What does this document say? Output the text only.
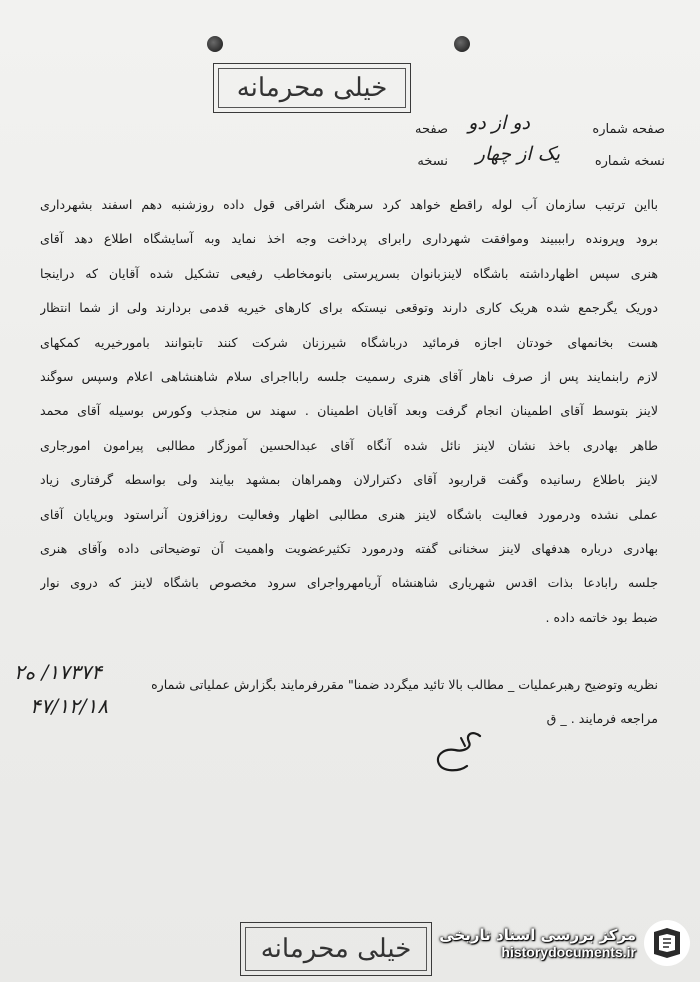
خیلی محرمانه
صفحه شماره
دو از دو
صفحه
نسخه شماره
یک از چهار
نسخه
بااین ترتیب سازمان آب لوله راقطع خواهد کرد سرهنگ اشراقی قول داده روزشنبه دهم اسفند بشهرداری
برود وپرونده رابببیند وموافقت شهرداری رابرای پرداخت وجه اخذ نماید وبه آسایشگاه اطلاع دهد آقای
هنری سپس اظهارداشته باشگاه لاینزبانوان بسرپرستی بانومخاطب رفیعی تشکیل شده آقایان که دراینجا
دوریک یگرجمع شده هریک کاری دارند وتوقعی نیستکه برای کارهای خیریه قدمی بردارند ولی از شما انتظار
هست بخانمهای خودتان اجازه فرمائید درباشگاه شیرزنان شرکت کنند تابتوانند بامورخیریه کمکهای
لازم رابنمایند پس از صرف ناهار آقای هنری رسمیت جلسه رابااجرای سلام شاهنشاهی اعلام وسپس سوگند
لاینز بتوسط آقای اطمینان انجام گرفت وبعد آقایان اطمینان . سهند س منجذب وکورس بوسیله آقای محمد
طاهر بهادری باخذ نشان لاینز نائل شده آنگاه آقای عبدالحسین آموزگار مطالبی پیرامون امورجاری
لاینز باطلاع رسانیده وگفت قراربود آقای دکترارلان وهمراهان بمشهد بیایند ولی بواسطه گرفتاری زیاد
عملی نشده ودرمورد فعالیت باشگاه لاینز هنری مطالبی اظهار وفعالیت روزافزون آنراستود وبرپایان آقای
بهادری درباره هدفهای لاینز سخنانی گفته ودرمورد تکثیرعضویت واهمیت آن توضیحاتی داده وآقای هنری
جلسه رابادعا بذات اقدس شهریاری شاهنشاه آریامهرواجرای سرود مخصوص باشگاه لاینز که دروی نوار
ضبط بود خاتمه داده .
نظریه وتوضیح رهبرعملیات _ مطالب بالا تائید میگردد ضمنا" مقررفرمایند بگزارش عملیاتی شماره
۱۷۳۷۴/ ه۲
۴۷/۱۲/۱۸
مراجعه فرمایند . _ ق
خیلی محرمانه مرکز بررسی اسناد تاریخی
historydocuments.ir
